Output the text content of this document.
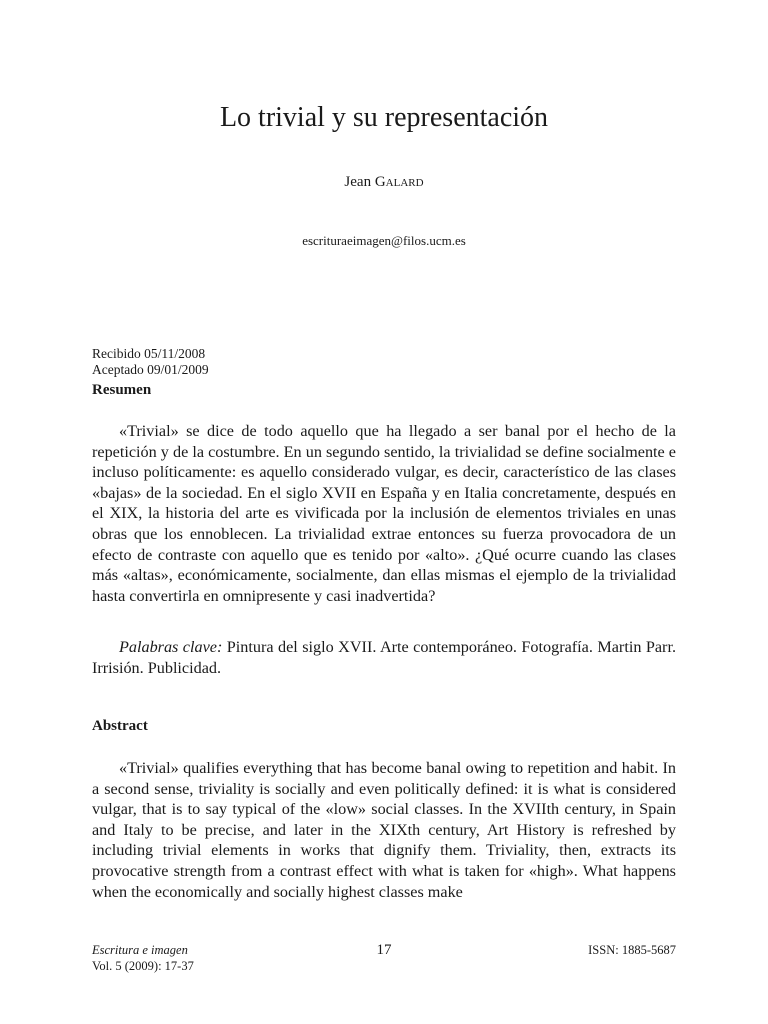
Lo trivial y su representación
Jean Galard
escrituraeimagen@filos.ucm.es
Recibido 05/11/2008
Aceptado 09/01/2009
Resumen

«Trivial» se dice de todo aquello que ha llegado a ser banal por el hecho de la repetición y de la costumbre. En un segundo sentido, la trivialidad se define socialmente e incluso políticamente: es aquello considerado vulgar, es decir, característico de las clases «bajas» de la sociedad. En el siglo XVII en España y en Italia concretamente, después en el XIX, la historia del arte es vivificada por la inclusión de elementos triviales en unas obras que los ennoblecen. La trivialidad extrae entonces su fuerza provocadora de un efecto de contraste con aquello que es tenido por «alto». ¿Qué ocurre cuando las clases más «altas», económicamente, socialmente, dan ellas mismas el ejemplo de la trivialidad hasta convertirla en omnipresente y casi inadvertida?

Palabras clave: Pintura del siglo XVII. Arte contemporáneo. Fotografía. Martin Parr. Irrisión. Publicidad.

Abstract

«Trivial» qualifies everything that has become banal owing to repetition and habit. In a second sense, triviality is socially and even politically defined: it is what is considered vulgar, that is to say typical of the «low» social classes. In the XVIIth century, in Spain and Italy to be precise, and later in the XIXth century, Art History is refreshed by including trivial elements in works that dignify them. Triviality, then, extracts its provocative strength from a contrast effect with what is taken for «high». What happens when the economically and socially highest classes make

Escritura e imagen
Vol. 5 (2009): 17-37
17	ISSN: 1885-5687
